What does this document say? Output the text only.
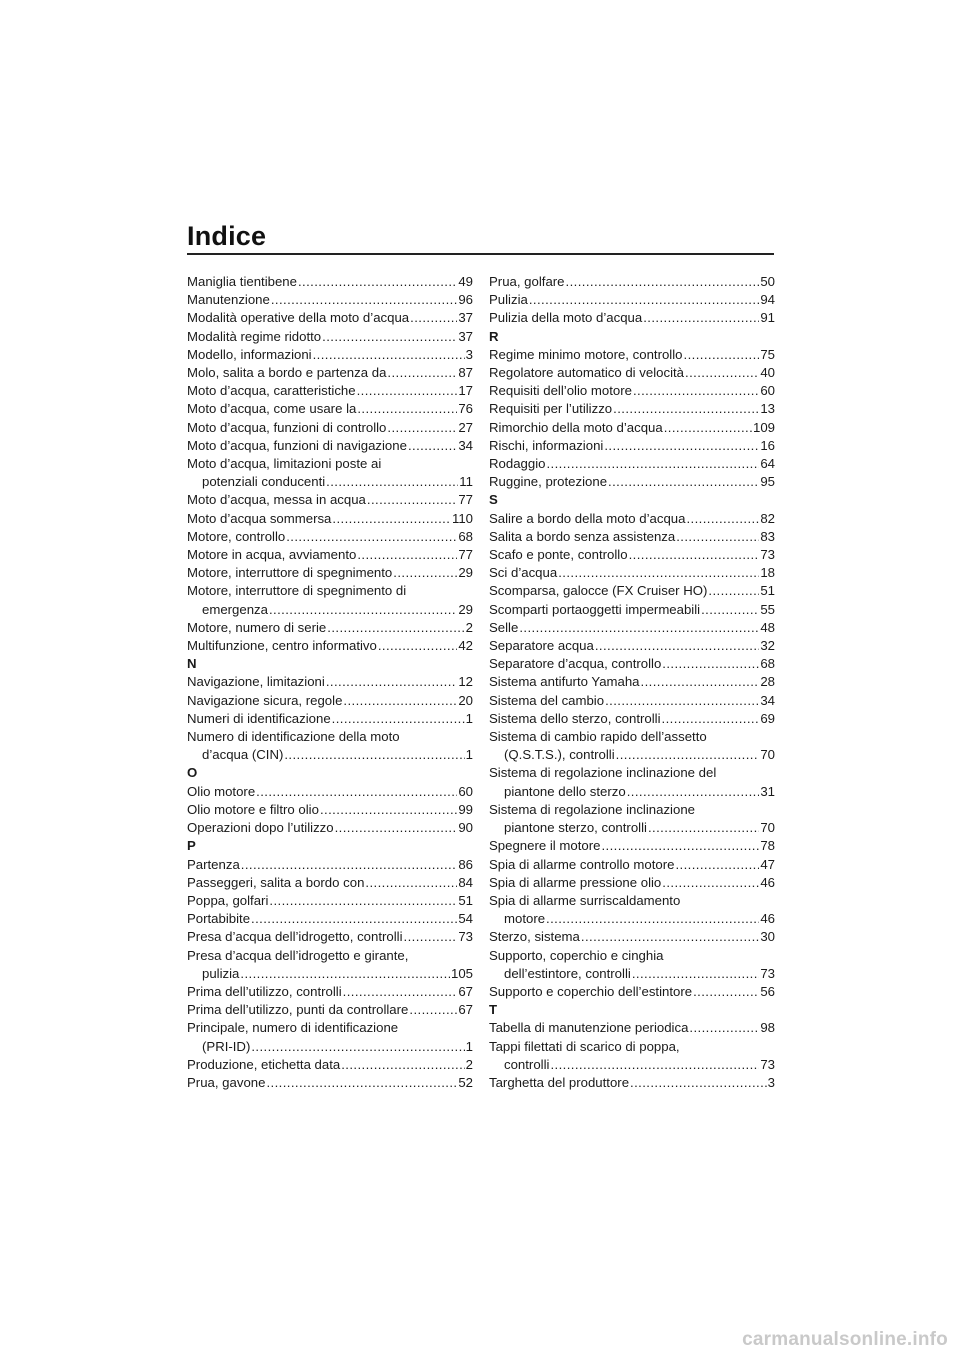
Indice
Maniglia tientibene .....	49
Manutenzione .....	96
Modalità operative della moto d’acqua .....	37
Modalità regime ridotto .....	37
Modello, informazioni .....	3
Molo, salita a bordo e partenza da .....	87
Moto d’acqua, caratteristiche .....	17
Moto d’acqua, come usare la .....	76
Moto d’acqua, funzioni di controllo .....	27
Moto d’acqua, funzioni di navigazione .....	34
Moto d’acqua, limitazioni poste ai
potenziali conducenti .....	11
Moto d’acqua, messa in acqua .....	77
Moto d’acqua sommersa .....	110
Motore, controllo .....	68
Motore in acqua, avviamento .....	77
Motore, interruttore di spegnimento .....	29
Motore, interruttore di spegnimento di
emergenza .....	29
Motore, numero di serie .....	2
Multifunzione, centro informativo .....	42
N
Navigazione, limitazioni .....	12
Navigazione sicura, regole .....	20
Numeri di identificazione .....	1
Numero di identificazione della moto
d’acqua (CIN) .....	1
O
Olio motore .....	60
Olio motore e filtro olio .....	99
Operazioni dopo l’utilizzo .....	90
P
Partenza .....	86
Passeggeri, salita a bordo con .....	84
Poppa, golfari .....	51
Portabibite .....	54
Presa d’acqua dell’idrogetto, controlli .....	73
Presa d’acqua dell’idrogetto e girante,
pulizia .....	105
Prima dell’utilizzo, controlli .....	67
Prima dell’utilizzo, punti da controllare .....	67
Principale, numero di identificazione
(PRI-ID) .....	1
Produzione, etichetta data .....	2
Prua, gavone .....	52
Prua, golfare .....	50
Pulizia .....	94
Pulizia della moto d’acqua .....	91
R
Regime minimo motore, controllo .....	75
Regolatore automatico di velocità .....	40
Requisiti dell’olio motore .....	60
Requisiti per l’utilizzo .....	13
Rimorchio della moto d’acqua .....	109
Rischi, informazioni .....	16
Rodaggio .....	64
Ruggine, protezione .....	95
S
Salire a bordo della moto d’acqua .....	82
Salita a bordo senza assistenza .....	83
Scafo e ponte, controllo .....	73
Sci d’acqua .....	18
Scomparsa, galocce (FX Cruiser HO) .....	51
Scomparti portaoggetti impermeabili .....	55
Selle .....	48
Separatore acqua .....	32
Separatore d’acqua, controllo .....	68
Sistema antifurto Yamaha .....	28
Sistema del cambio .....	34
Sistema dello sterzo, controlli .....	69
Sistema di cambio rapido dell’assetto
(Q.S.T.S.), controlli .....	70
Sistema di regolazione inclinazione del
piantone dello sterzo .....	31
Sistema di regolazione inclinazione
piantone sterzo, controlli .....	70
Spegnere il motore .....	78
Spia di allarme controllo motore .....	47
Spia di allarme pressione olio .....	46
Spia di allarme surriscaldamento
motore .....	46
Sterzo, sistema .....	30
Supporto, coperchio e cinghia
dell’estintore, controlli .....	73
Supporto e coperchio dell’estintore .....	56
T
Tabella di manutenzione periodica .....	98
Tappi filettati di scarico di poppa,
controlli .....	73
Targhetta del produttore .....	3
carmanualsonline.info
